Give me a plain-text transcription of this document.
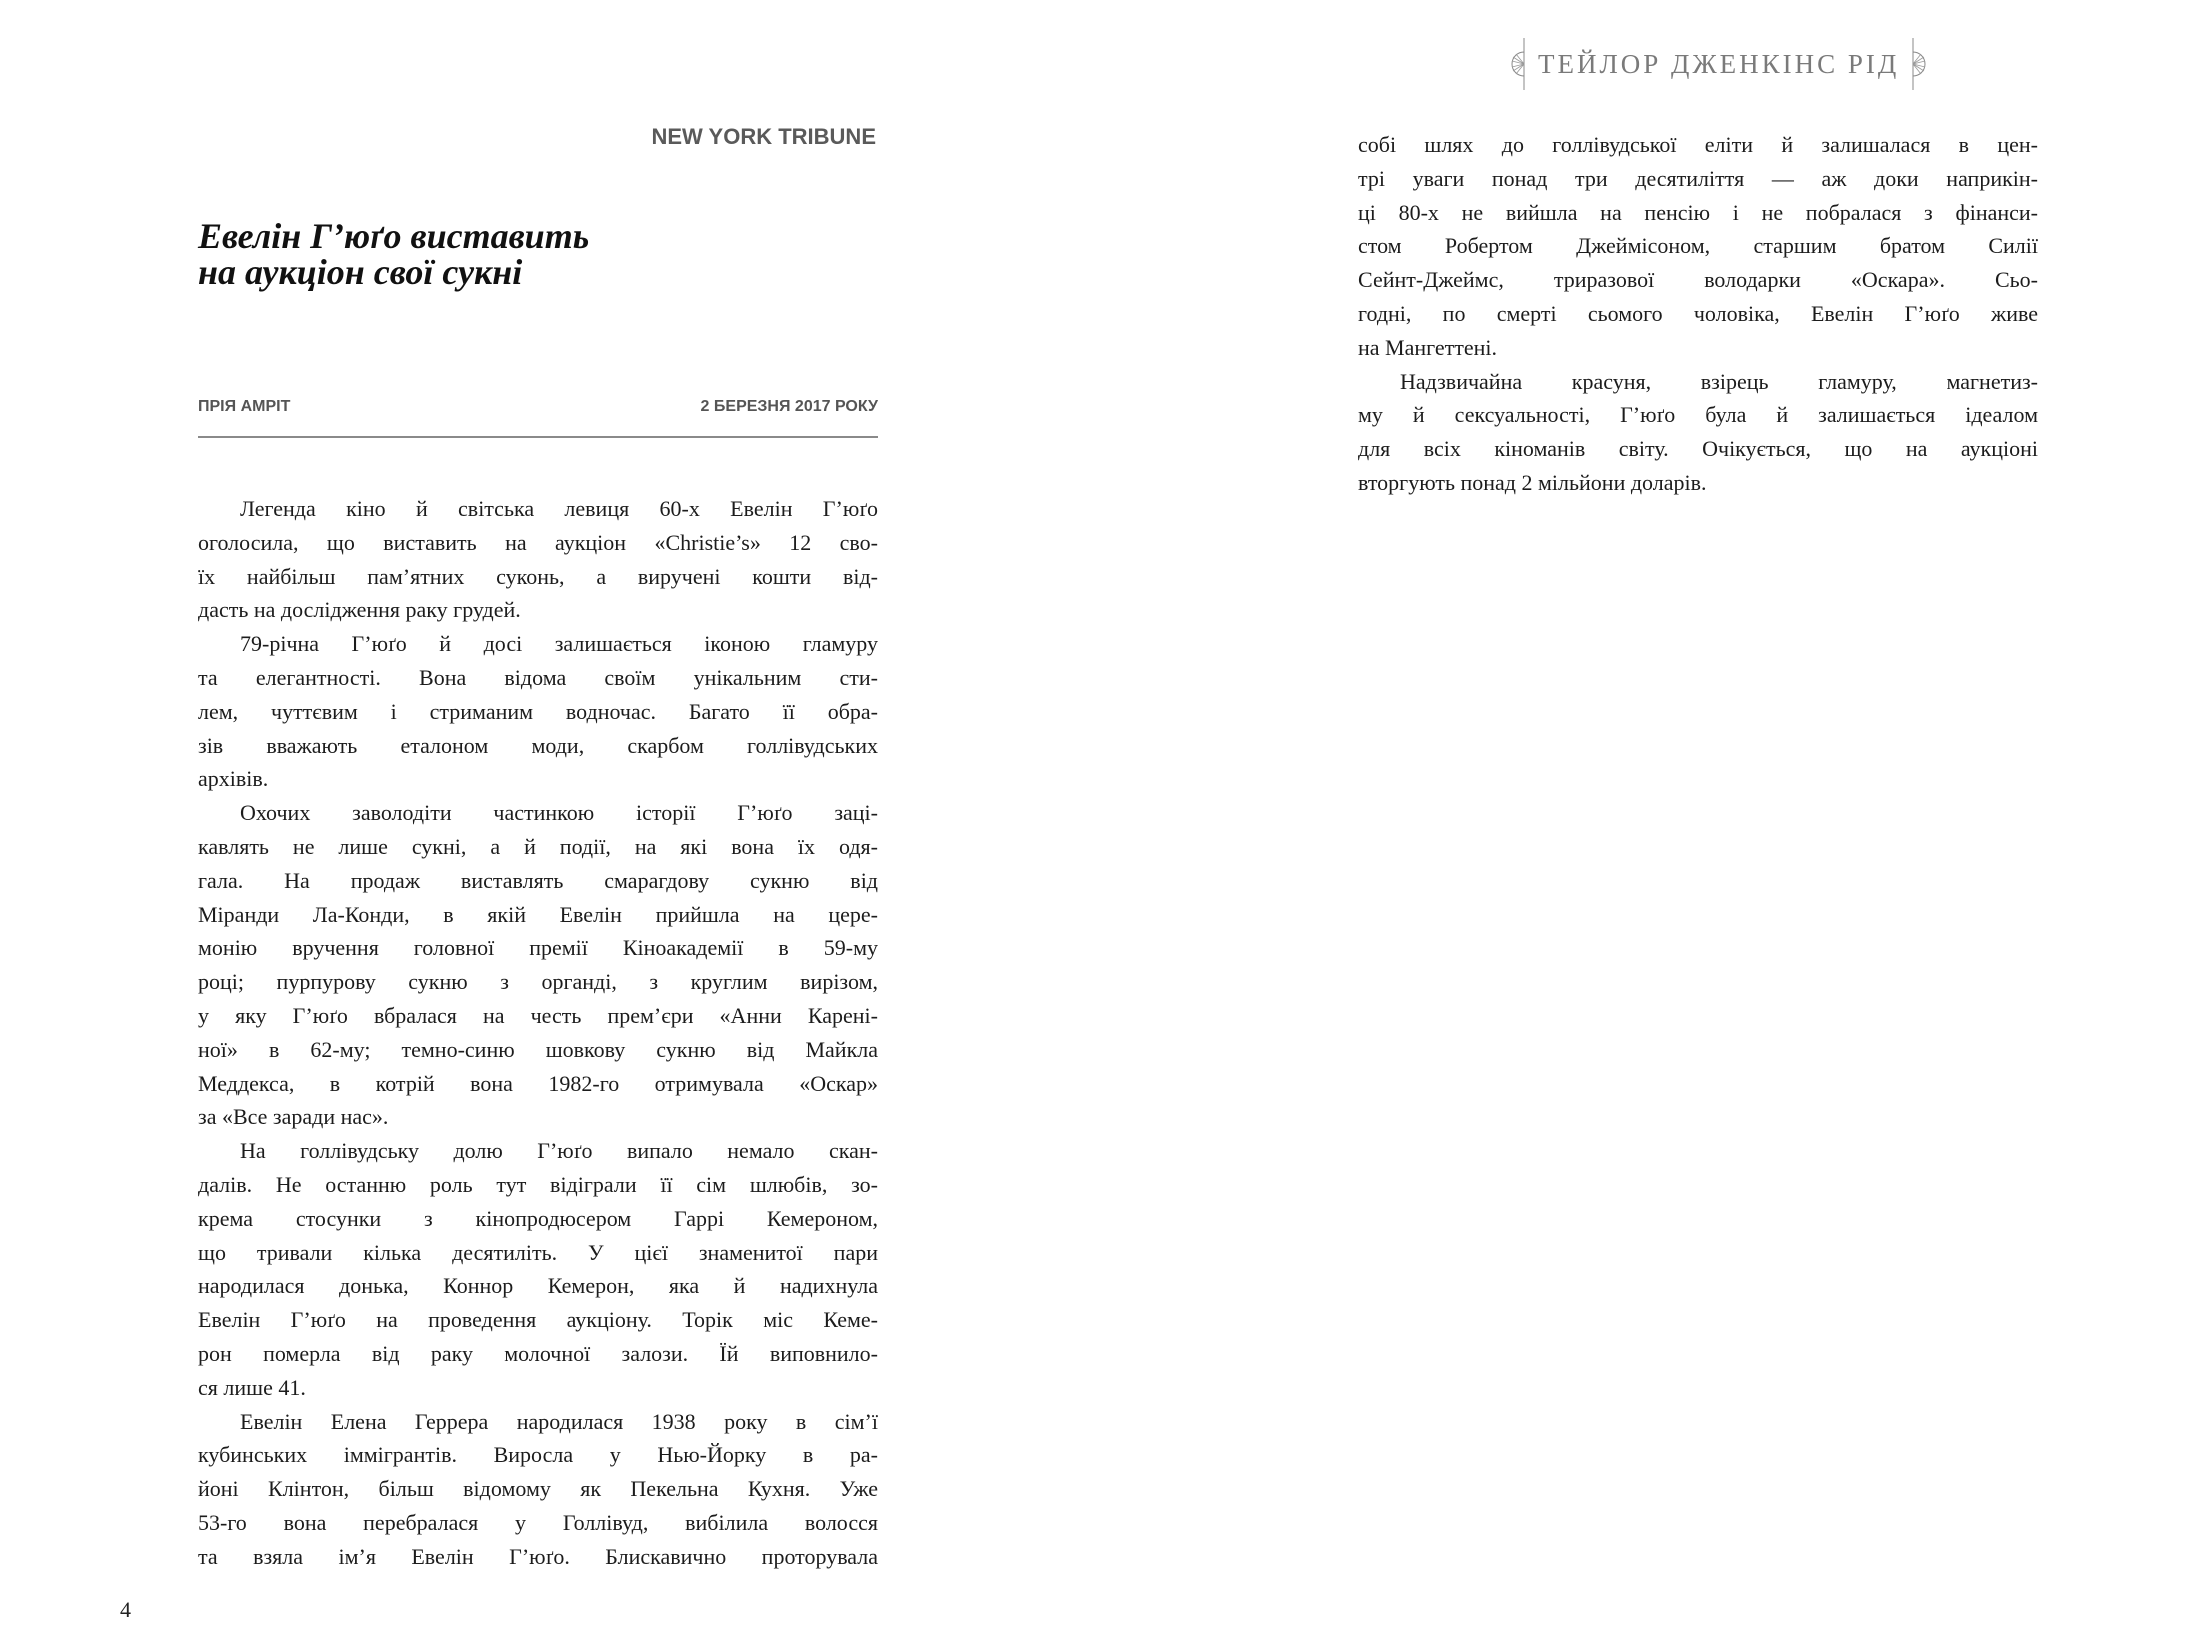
NEW YORK TRIBUNE
Евелін Г’юґо виставить
на аукціон свої сукні
ПРІЯ АМРІТ	2 БЕРЕЗНЯ 2017 РОКУ
Легенда кіно й світська левиця 60-х Евелін Г’юґо
оголосила, що виставить на аукціон «Christie’s» 12 сво-
їх найбільш пам’ятних суконь, а виручені кошти від-
дасть на дослідження раку грудей.
79-річна Г’юґо й досі залишається іконою гламуру
та елегантності. Вона відома своїм унікальним сти-
лем, чуттєвим і стриманим водночас. Багато її обра-
зів вважають еталоном моди, скарбом голлівудських
архівів.
Охочих заволодіти частинкою історії Г’юґо заці-
кавлять не лише сукні, а й події, на які вона їх одя-
гала. На продаж виставлять смарагдову сукню від
Міранди Ла-Конди, в якій Евелін прийшла на цере-
монію вручення головної премії Кіноакадемії в 59-му
році; пурпурову сукню з органді, з круглим вирізом,
у яку Г’юґо вбралася на честь прем’єри «Анни Карені-
ної» в 62-му; темно-синю шовкову сукню від Майкла
Меддекса, в котрій вона 1982-го отримувала «Оскар»
за «Все заради нас».
На голлівудську долю Г’юґо випало немало скан-
далів. Не останню роль тут відіграли її сім шлюбів, зо-
крема стосунки з кінопродюсером Гаррі Кемероном,
що тривали кілька десятиліть. У цієї знаменитої пари
народилася донька, Коннор Кемерон, яка й надихнула
Евелін Г’юґо на проведення аукціону. Торік міс Кеме-
рон померла від раку молочної залози. Їй виповнило-
ся лише 41.
Евелін Елена Геррера народилася 1938 року в сім’ї
кубинських іммігрантів. Виросла у Нью-Йорку в ра-
йоні Клінтон, більш відомому як Пекельна Кухня. Уже
53-го вона перебралася у Голлівуд, вибілила волосся
та взяла ім’я Евелін Г’юґо. Блискавично проторувала
4
ТЕЙЛОР ДЖЕНКІНС РІД
собі шлях до голлівудської еліти й залишалася в цен-
трі уваги понад три десятиліття — аж доки наприкін-
ці 80-х не вийшла на пенсію і не побралася з фінанси-
стом Робертом Джеймісоном, старшим братом Силії
Сейнт-Джеймс, триразової володарки «Оскара». Сьо-
годні, по смерті сьомого чоловіка, Евелін Г’юґо живе
на Мангеттені.
Надзвичайна красуня, взірець гламуру, магнетиз-
му й сексуальності, Г’юґо була й залишається ідеалом
для всіх кіноманів світу. Очікується, що на аукціоні
вторгують понад 2 мільйони доларів.
